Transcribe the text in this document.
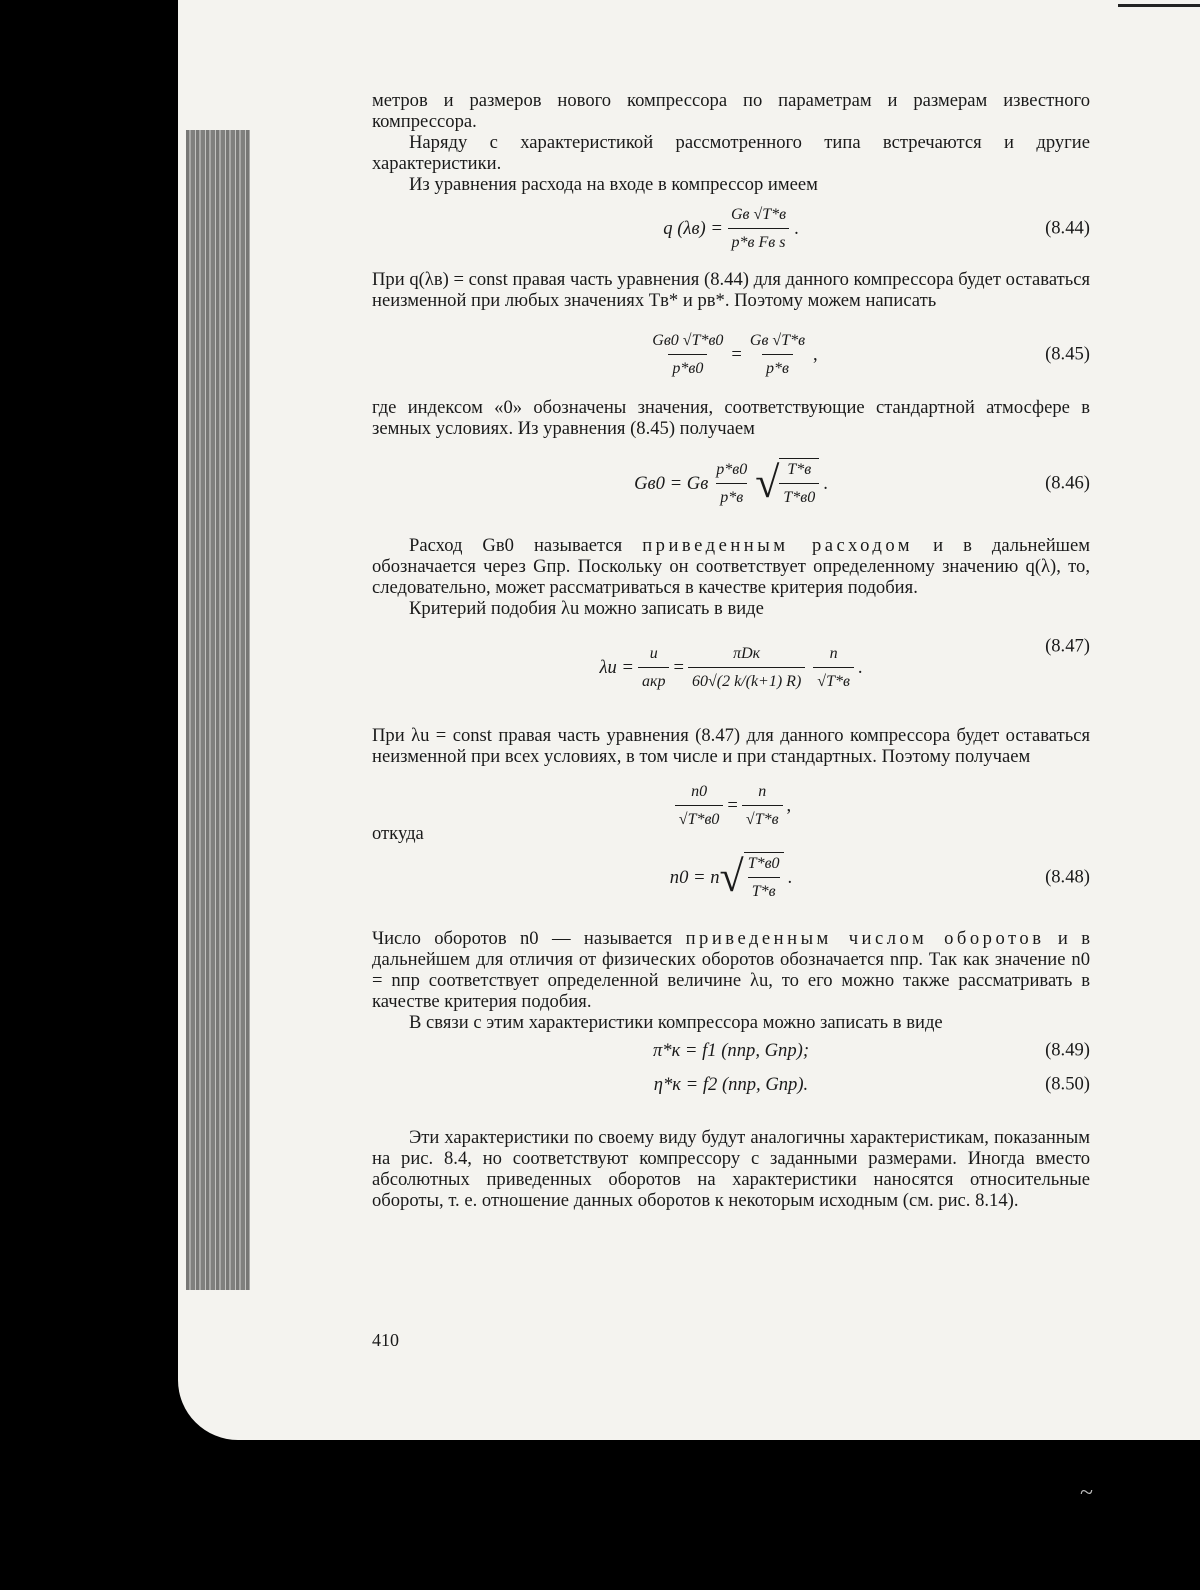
метров и размеров нового компрессора по параметрам и размерам известного компрессора.

Наряду с характеристикой рассмотренного типа встречаются и другие характеристики.

Из уравнения расхода на входе в компрессор имеем

q $(\lambda в) = \frac{Gв √T*в}{\text{p*в Fв s}}$ .	(8.44)

При q(λв) = const правая часть уравнения (8.44) для данного компрессора будет оставаться неизменной при любых значениях Tв* и pв*. Поэтому можем написать

$\frac{Gв0 √T*в0}{p*в0} = \frac{Gв √T*в}{p*в}$ ,	(8.45)

где индексом «0» обозначены значения, соответствующие стандартной атмосфере в земных условиях. Из уравнения (8.45) получаем

Gв0 = Gв $\frac{p*в0}{p*в}$ √ $\frac{T*в}{T*в0}$ .	(8.46)

Расход Gв0 называется приведенным расходом и в дальнейшем обозначается через Gпр. Поскольку он соответствует определенному значению q(λ), то, следовательно, может рассматриваться в качестве критерия подобия.

Критерий подобия λu можно записать в виде

$\lambda u = \frac{u}{\text{aкр}} = \frac{\text{πDк}}{60√(2 k/(k+1) R)} \frac{n}{√T*в}$ .
(8.47)

При λu = const правая часть уравнения (8.47) для данного компрессора будет оставаться неизменной при всех условиях, в том числе и при стандартных. Поэтому получаем

$\frac{n0}{√T*в0} = \frac{n}{√T*в}$ ,

откуда

n0 = n √ $\frac{T*в0}{T*в}$ .	(8.48)

Число оборотов n0 — называется приведенным числом оборотов и в дальнейшем для отличия от физических оборотов обозначается nпр. Так как значение n0 = nпр соответствует определенной величине λu, то его можно также рассматривать в качестве критерия подобия.

В связи с этим характеристики компрессора можно записать в виде

π*к = f1 (nпр, Gпр);	(8.49)
η*к = f2 (nпр, Gпр).	(8.50)

Эти характеристики по своему виду будут аналогичны характеристикам, показанным на рис. 8.4, но соответствуют компрессору с заданными размерами. Иногда вместо абсолютных приведенных оборотов на характеристики наносятся относительные обороты, т. е. отношение данных оборотов к некоторым исходным (см. рис. 8.14).

410
~
